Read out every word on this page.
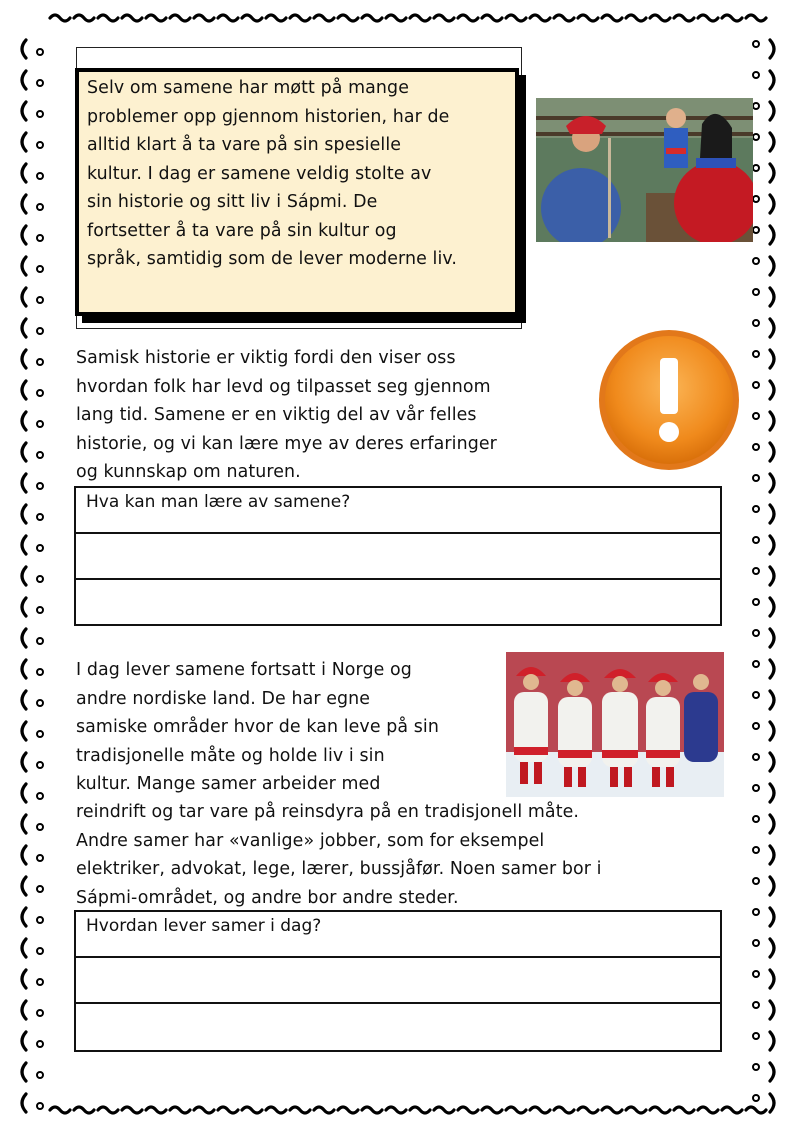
Selv om samene har møtt på mange
problemer opp gjennom historien, har de
alltid klart å ta vare på sin spesielle
kultur. I dag er samene veldig stolte av
sin historie og sitt liv i Sápmi. De
fortsetter å ta vare på sin kultur og
språk, samtidig som de lever moderne liv.
Samisk historie er viktig fordi den viser oss
hvordan folk har levd og tilpasset seg gjennom
lang tid. Samene er en viktig del av vår felles
historie, og vi kan lære mye av deres erfaringer
og kunnskap om naturen.
Hva kan man lære av samene?
I dag lever samene fortsatt i Norge og
andre nordiske land. De har egne
samiske områder hvor de kan leve på sin
tradisjonelle måte og holde liv i sin
kultur. Mange samer arbeider med
reindrift og tar vare på reinsdyra på en tradisjonell måte.
Andre samer har «vanlige» jobber, som for eksempel
elektriker, advokat, lege, lærer, bussjåfør. Noen samer bor i
Sápmi-området, og andre bor andre steder.
Hvordan lever samer i dag?
